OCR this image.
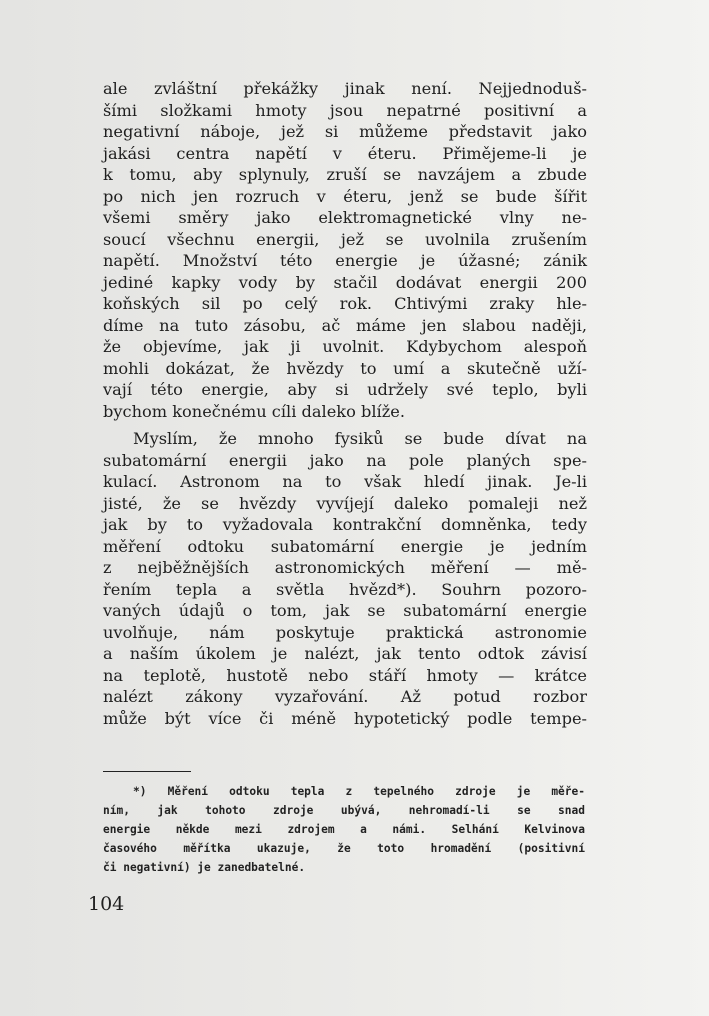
ale zvláštní překážky jinak není. Nejjednoduš-
šími složkami hmoty jsou nepatrné positivní a
negativní náboje, jež si můžeme představit jako
jakási centra napětí v éteru. Přiměјeme-li je
k tomu, aby splynuly, zruší se navzájem a zbude
po nich jen rozruch v éteru, jenž se bude šířit
všemi směry jako elektromagnetické vlny ne-
soucí všechnu energii, jež se uvolnila zrušením
napětí. Množství této energie je úžasné; zánik
jediné kapky vody by stačil dodávat energii 200
koňských sil po celý rok. Chtivými zraky hle-
díme na tuto zásobu, ač máme jen slabou naději,
že objevíme, jak ji uvolnit. Kdybychom alespoň
mohli dokázat, že hvězdy to umí a skutečně uží-
vají této energie, aby si udržely své teplo, byli
bychom konečnému cíli daleko blíže.

Myslím, že mnoho fysiků se bude dívat na
subatomární energii jako na pole planých spe-
kulací. Astronom na to však hledí jinak. Je-li
jisté, že se hvězdy vyvíjejí daleko pomaleji než
jak by to vyžadovala kontrakční domněnka, tedy
měření odtoku subatomární energie je jedním
z nejběžnějších astronomických měření — mě-
řením tepla a světla hvězd*). Souhrn pozoro-
vaných údajů o tom, jak se subatomární energie
uvolňuje, nám poskytuje praktická astronomie
a naším úkolem je nalézt, jak tento odtok závisí
na teplotě, hustotě nebo stáří hmoty — krátce
nalézt zákony vyzařování. Až potud rozbor
může být více či méně hypotetický podle tempe-

*) Měření odtoku tepla z tepelného zdroje je měře-
ním, jak tohoto zdroje ubývá, nehromadí-li se snad
energie někde mezi zdrojem a námi. Selhání Kelvinova
časového měřítka ukazuje, že toto hromadění (positivní
či negativní) je zanedbatelné.
104
